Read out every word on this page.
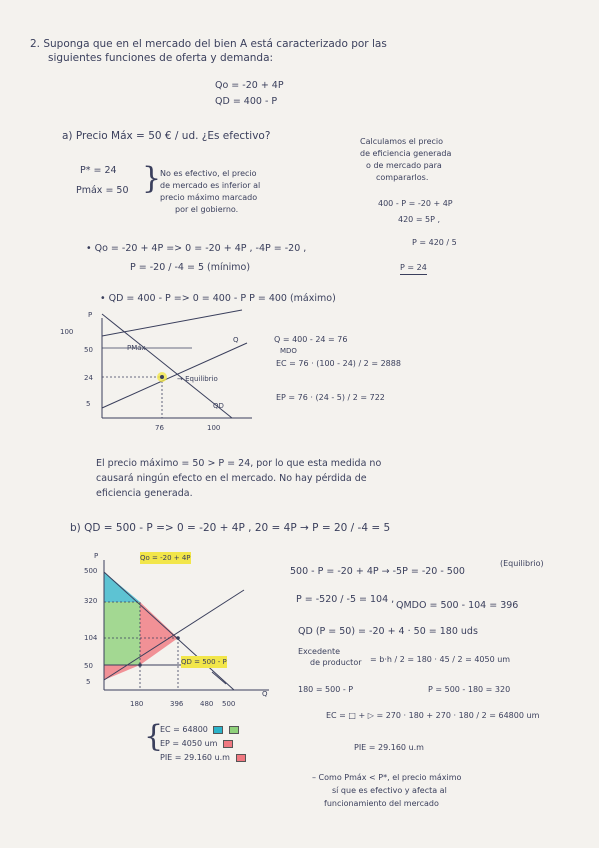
2. Suponga que en el mercado del bien A está caracterizado por las
siguientes funciones de oferta y demanda:
Qo = -20 + 4P
QD = 400 - P
a) Precio Máx = 50 € / ud. ¿Es efectivo?
P* = 24
Pmáx = 50 }
No es efectivo, el precio
de mercado es inferior al
precio máximo marcado
por el gobierno.
Calculamos el precio
de eficiencia generada
o de mercado para
compararlos.
400 - P = -20 + 4P
420 = 5P ,
P = 420 / 5
P = 24
• Qo = -20 + 4P => 0 = -20 + 4P , -4P = -20 ,
P = -20 / -4 = 5 (mínimo)
• QD = 400 - P => 0 = 400 - P P = 400 (máximo)
100
P
50
24
5
76	100
PMáx
Q
→ Equilibrio
QD
Q = 400 - 24 = 76
MDO
EC = 76 · (100 - 24) / 2 = 2888
EP = 76 · (24 - 5) / 2 = 722
El precio máximo = 50 > P = 24, por lo que esta medida no
causará ningún efecto en el mercado. No hay pérdida de
eficiencia generada.
b) QD = 500 - P => 0 = -20 + 4P , 20 = 4P → P = 20 / -4 = 5
(Equilibrio)
500 - P = -20 + 4P → -5P = -20 - 500
P = -520 / -5 = 104 ,
QMDO = 500 - 104 = 396
QD (P = 50) = -20 + 4 · 50 = 180 uds
Excedente
de productor = b·h / 2 = 180 · 45 / 2 = 4050 um
180 = 500 - P	P = 500 - 180 = 320
EC = □ + ▷ = 270 · 180 + 270 · 180 / 2 = 64800 um
PIE = 29.160 u.m
– Como Pmáx < P*, el precio máximo
sí que es efectivo y afecta al
funcionamiento del mercado
P	Qo = -20 + 4P
QD = 500 - P
500
320
104
50
5
180	396 480 500
Q
{
EC = 64800
EP = 4050 um
PIE = 29.160 u.m
